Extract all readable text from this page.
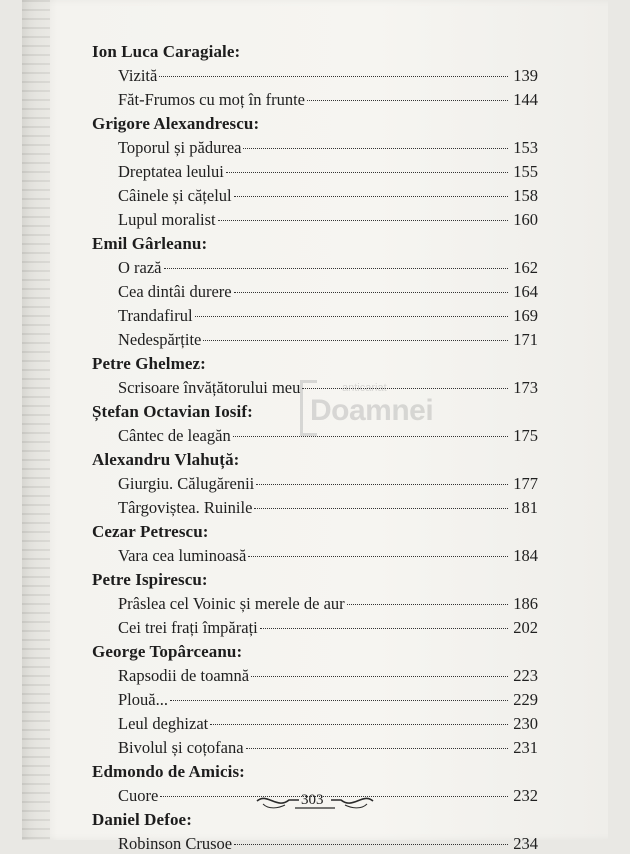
Ion Luca Caragiale:
Vizită	139
Făt-Frumos cu moț în frunte	144
Grigore Alexandrescu:
Toporul și pădurea	153
Dreptatea leului	155
Câinele și cățelul	158
Lupul moralist	160
Emil Gârleanu:
O rază	162
Cea dintâi durere	164
Trandafirul	169
Nedespărțite	171
Petre Ghelmez:
Scrisoare învățătorului meu	173
Ștefan Octavian Iosif:
Cântec de leagăn	175
Alexandru Vlahuță:
Giurgiu. Călugărenii	177
Târgoviștea. Ruinile	181
Cezar Petrescu:
Vara cea luminoasă	184
Petre Ispirescu:
Prâslea cel Voinic și merele de aur	186
Cei trei frați împărați	202
George Topârceanu:
Rapsodii de toamnă	223
Plouă...	229
Leul deghizat	230
Bivolul și coțofana	231
Edmondo de Amicis:
Cuore	232
Daniel Defoe:
Robinson Crusoe	234
anticariat
Doamnei
303
